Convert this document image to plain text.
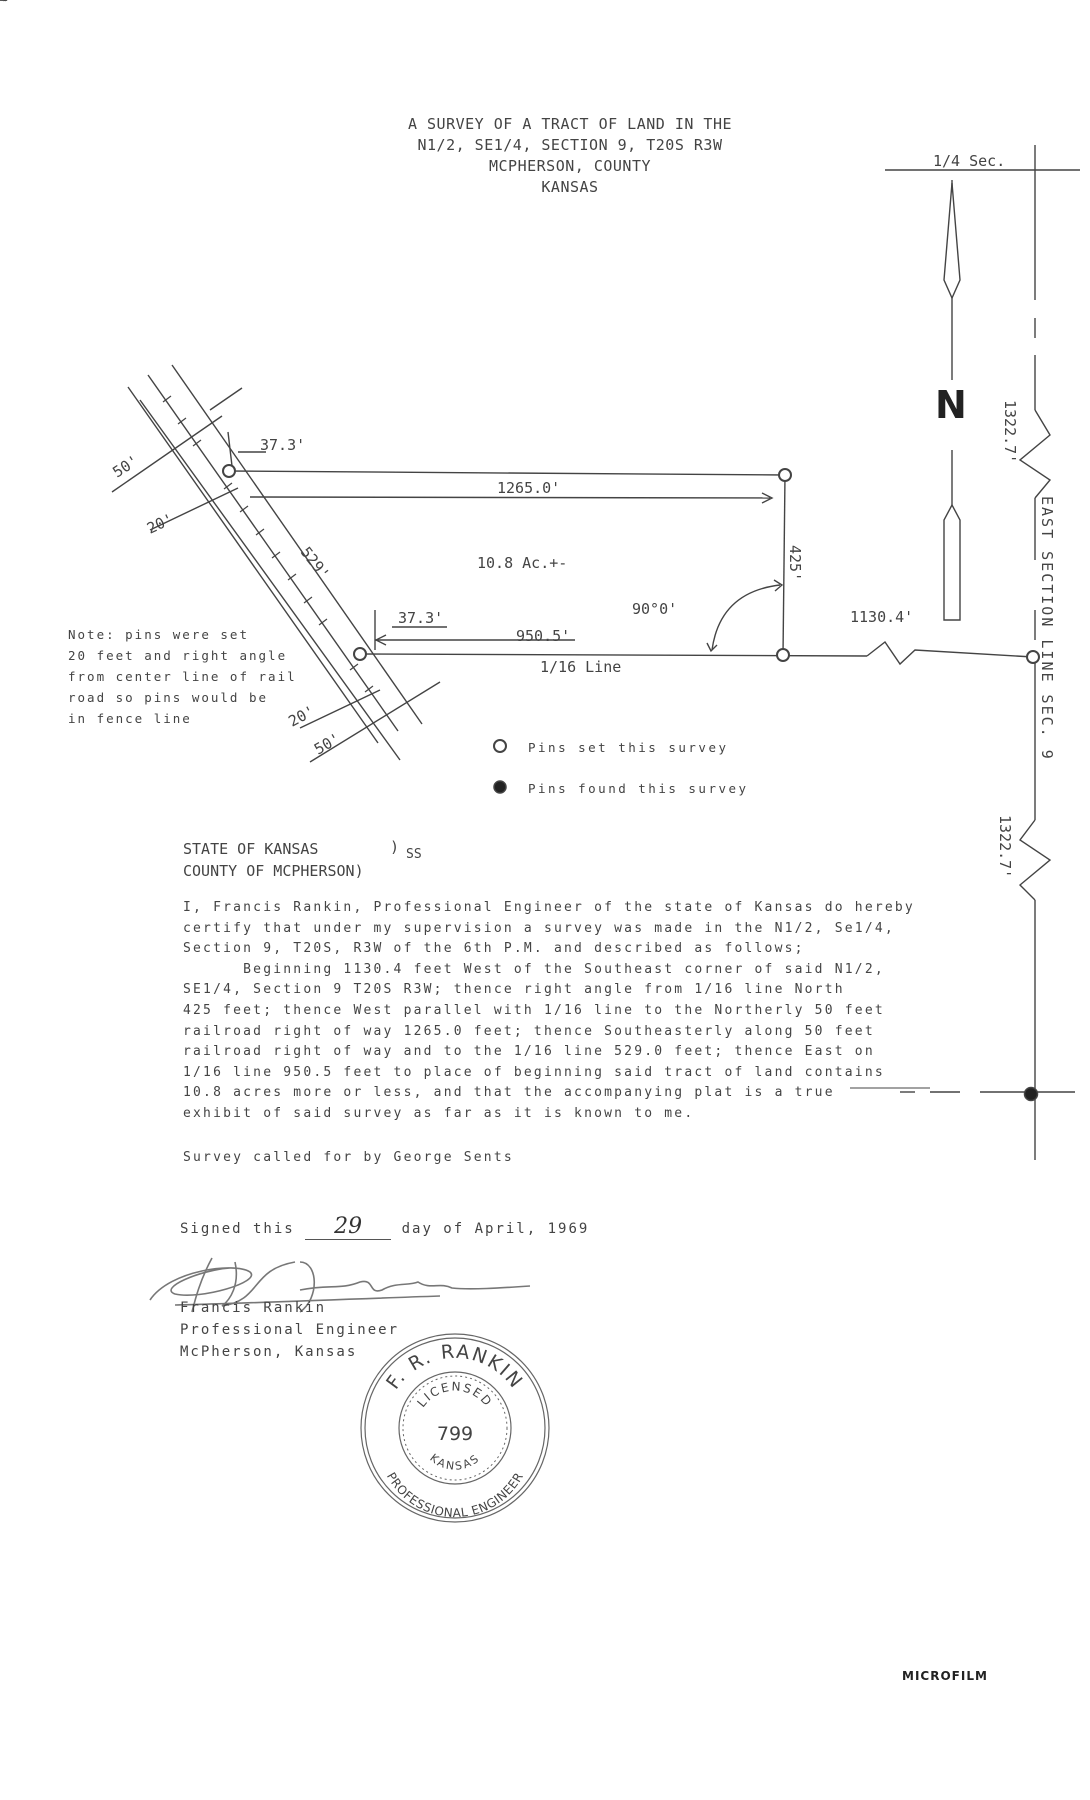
A SURVEY OF A TRACT OF LAND IN THE
N1/2, SE1/4, SECTION 9, T20S R3W
MCPHERSON, COUNTY
KANSAS
1/4 Sec.
N
1265.0'
37.3'
37.3'
950.5'
1/16 Line
10.8 Ac.+-
90°0'	1130.4'
425'
1322.7'
1322.7'
EAST SECTION LINE SEC. 9
529'
50'
20'
20'
50'	Pins set this survey
Pins found this survey
F.R. Rankin
F. R. RANKIN
PROFESSIONAL ENGINEER
LICENSED
KANSAS
799
Note: pins were set
20 feet and right angle
from center line of rail
road so pins would be
in fence line
STATE OF KANSAS
COUNTY OF MCPHERSON)
) SS
I, Francis Rankin, Professional Engineer of the state of Kansas do hereby
certify that under my supervision a survey was made in the N1/2, Se1/4,
Section 9, T20S, R3W of the 6th P.M. and described as follows;
Beginning 1130.4 feet West of the Southeast corner of said N1/2,
SE1/4, Section 9 T20S R3W; thence right angle from 1/16 line North
425 feet; thence West parallel with 1/16 line to the Northerly 50 feet
railroad right of way 1265.0 feet; thence Southeasterly along 50 feet
railroad right of way and to the 1/16 line 529.0 feet; thence East on
1/16 line 950.5 feet to place of beginning said tract of land contains
10.8 acres more or less, and that the accompanying plat is a true
exhibit of said survey as far as it is known to me.
Survey called for by George Sents
Signed this 29	day of April, 1969
Francis Rankin
Professional Engineer
McPherson, Kansas
MICROFILM
